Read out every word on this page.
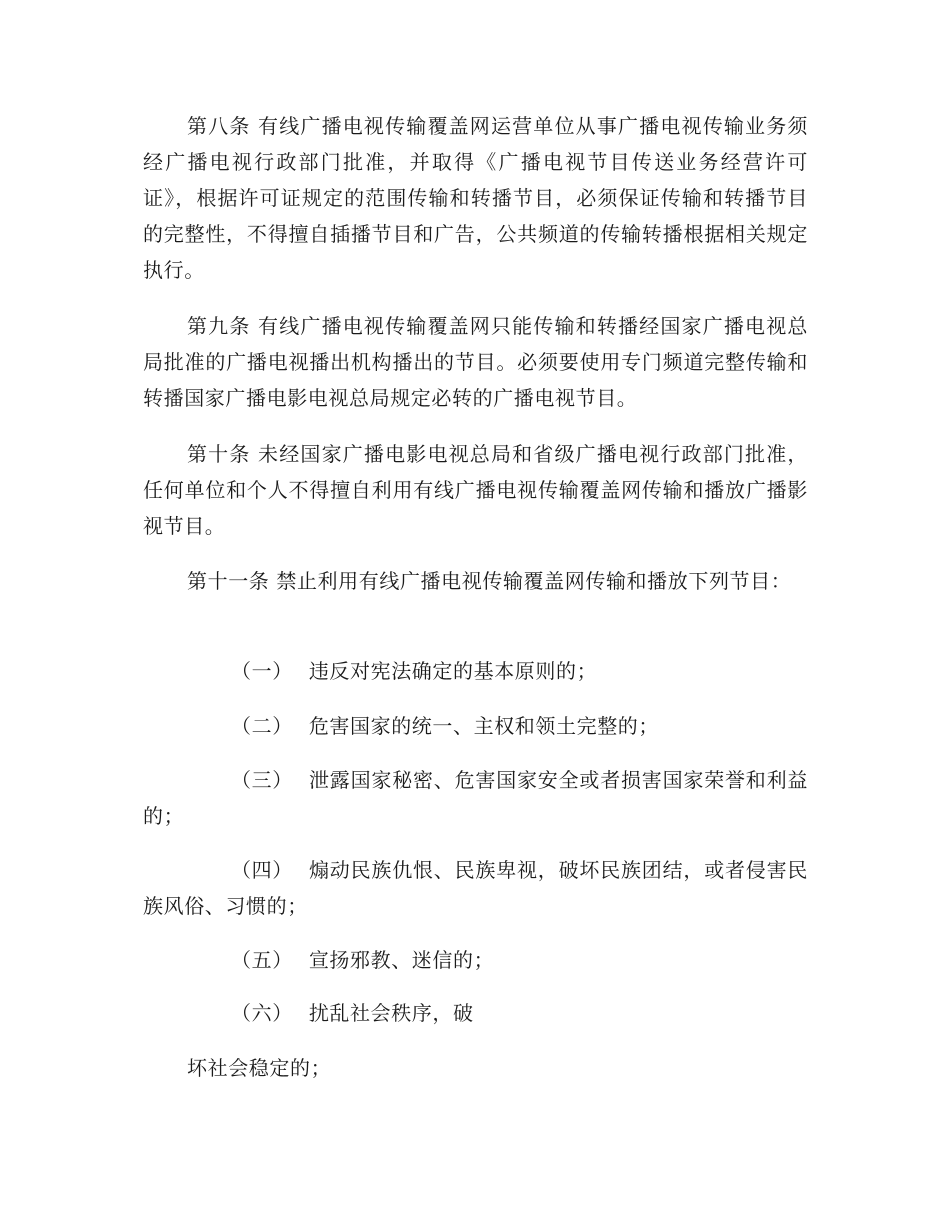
第八条 有线广播电视传输覆盖网运营单位从事广播电视传输业务须经广播电视行政部门批准，并取得《广播电视节目传送业务经营许可证》，根据许可证规定的范围传输和转播节目，必须保证传输和转播节目的完整性，不得擅自插播节目和广告，公共频道的传输转播根据相关规定执行。

第九条 有线广播电视传输覆盖网只能传输和转播经国家广播电视总局批准的广播电视播出机构播出的节目。必须要使用专门频道完整传输和转播国家广播电影电视总局规定必转的广播电视节目。

第十条 未经国家广播电影电视总局和省级广播电视行政部门批准，任何单位和个人不得擅自利用有线广播电视传输覆盖网传输和播放广播影视节目。

第十一条 禁止利用有线广播电视传输覆盖网传输和播放下列节目：

（一） 违反对宪法确定的基本原则的；

（二） 危害国家的统一、主权和领土完整的；

（三） 泄露国家秘密、危害国家安全或者损害国家荣誉和利益的；

（四） 煽动民族仇恨、民族卑视，破坏民族团结，或者侵害民族风俗、习惯的；

（五） 宣扬邪教、迷信的；

（六） 扰乱社会秩序，破

坏社会稳定的；
